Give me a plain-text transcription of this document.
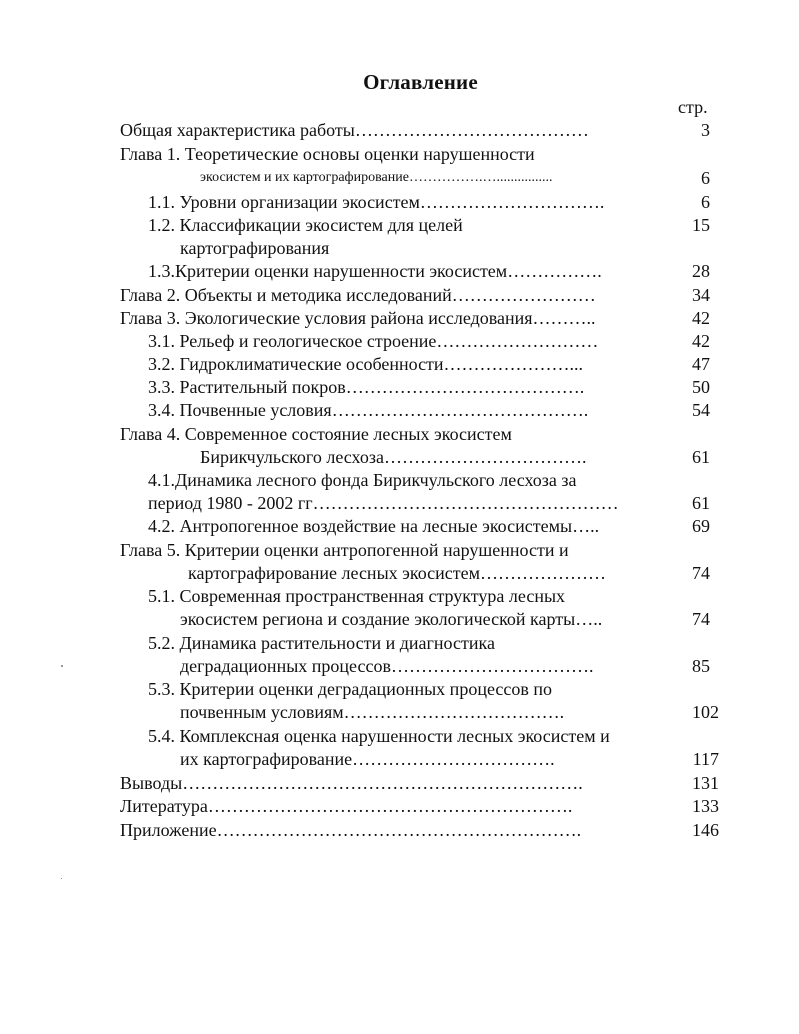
Оглавление
стр.
Общая характеристика работы…………………………………	3
Глава 1. Теоретические основы оценки нарушенности
экосистем и их картографирование…………….…................	6
1.1. Уровни организации экосистем………………………….	6
1.2. Классификации экосистем для целей	15
картографирования
1.3.Критерии оценки нарушенности экосистем…………….	28
Глава 2. Объекты и методика исследований……………………	34
Глава 3. Экологические условия района исследования………..	42
3.1. Рельеф и геологическое строение………………………	42
3.2. Гидроклиматические особенности…………………...	47
3.3. Растительный покров………………………………….	50
3.4. Почвенные условия…………………………………….	54
Глава 4. Современное состояние лесных экосистем
Бирикчульского лесхоза…………………………….	61
4.1.Динамика лесного фонда Бирикчульского лесхоза за
период 1980 - 2002 гг……………………………………………	61
4.2. Антропогенное воздействие на лесные экосистемы…..	69
Глава 5. Критерии оценки антропогенной нарушенности и
картографирование лесных экосистем…………………	74
5.1. Современная пространственная структура лесных
экосистем региона и создание экологической карты…..	74
5.2. Динамика растительности и диагностика
деградационных процессов…………………………….	85
5.3. Критерии оценки деградационных процессов по
почвенным условиям……………………………….	102
5.4. Комплексная оценка нарушенности лесных экосистем и
их картографирование…………………………….	117
Выводы………………………………………………………….	131
Литература…………………………………………………….	133
Приложение…………………………………………………….	146
